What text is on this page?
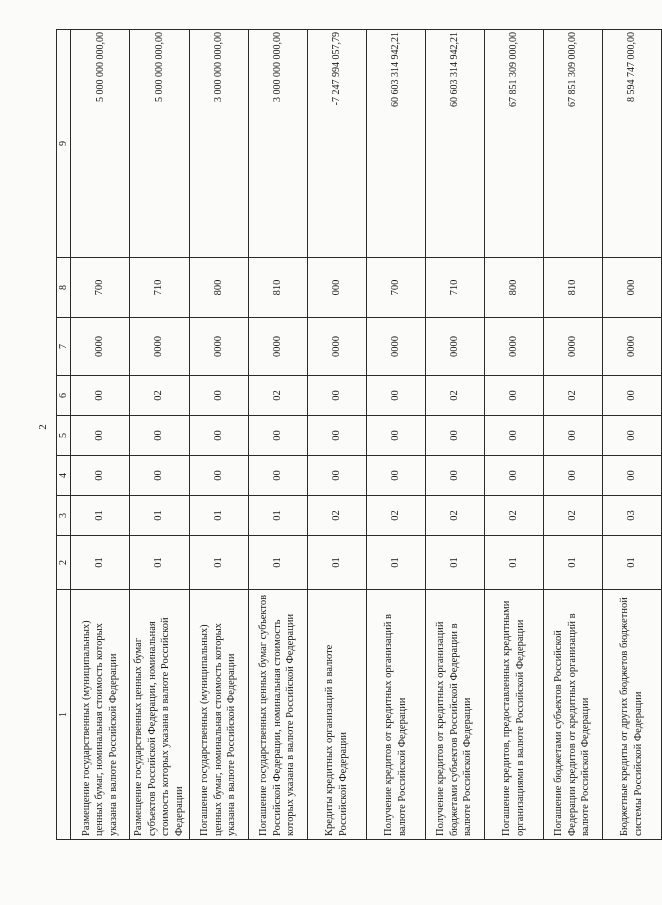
2
1	2	3	4	5	6	7	8	9
Размещение государственных (муниципальных) ценных бумаг, номинальная стоимость которых указана в валюте Российской Федерации	01	01	00	00	00	0000	700	5 000 000 000,00
Размещение государственных ценных бумаг субъектов Российской Федерации, номинальная стоимость которых указана в валюте Российской Федерации	01	01	00	00	02	0000	710	5 000 000 000,00
Погашение государственных (муниципальных) ценных бумаг, номинальная стоимость которых указана в валюте Российской Федерации	01	01	00	00	00	0000	800	3 000 000 000,00
Погашение государственных ценных бумаг субъектов Российской Федерации, номинальная стоимость которых указана в валюте Российской Федерации	01	01	00	00	02	0000	810	3 000 000 000,00
Кредиты кредитных организаций в валюте Российской Федерации	01	02	00	00	00	0000	000	-7 247 994 057,79
Получение кредитов от кредитных организаций в валюте Российской Федерации	01	02	00	00	00	0000	700	60 603 314 942,21
Получение кредитов от кредитных организаций бюджетами субъектов Российской Федерации в валюте Российской Федерации	01	02	00	00	02	0000	710	60 603 314 942,21
Погашение кредитов, предоставленных кредитными организациями в валюте Российской Федерации	01	02	00	00	00	0000	800	67 851 309 000,00
Погашение бюджетами субъектов Российской Федерации кредитов от кредитных организаций в валюте Российской Федерации	01	02	00	00	02	0000	810	67 851 309 000,00
Бюджетные кредиты от других бюджетов бюджетной системы Российской Федерации	01	03	00	00	00	0000	000	8 594 747 000,00
